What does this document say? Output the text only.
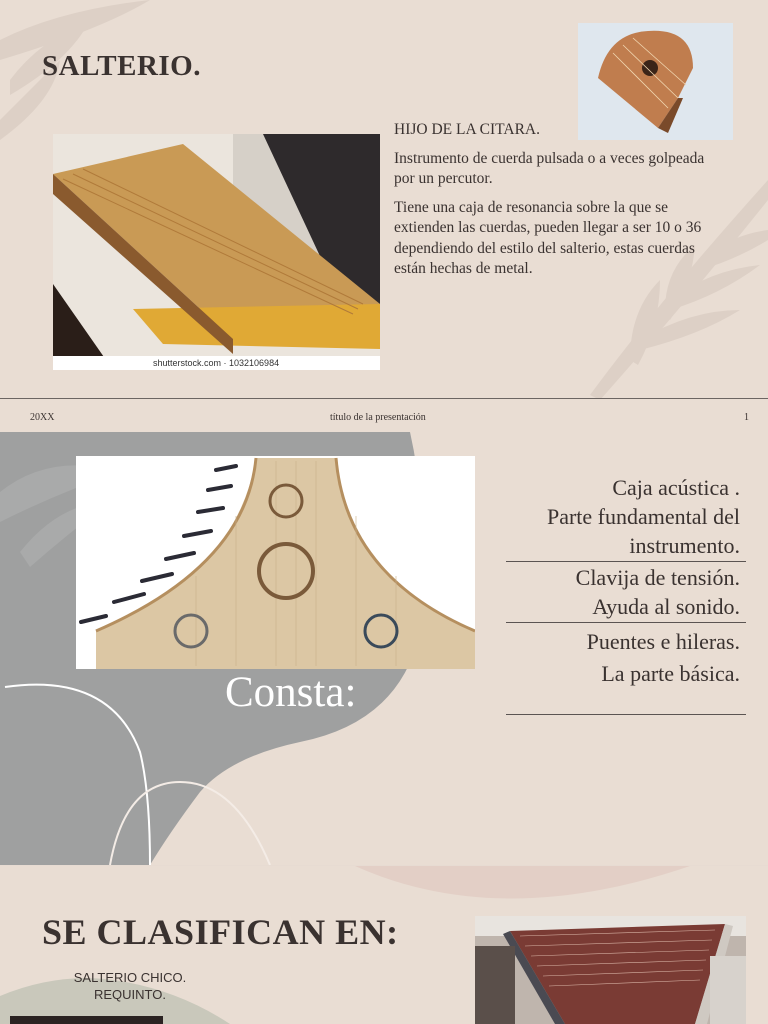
SALTERIO.
shutterstock.com · 1032106984

HIJO DE LA CITARA.

Instrumento de cuerda pulsada o a veces golpeada por un percutor.

Tiene una caja de resonancia sobre la que se extienden las cuerdas, pueden llegar a ser 10 o 36 dependiendo del estilo del salterio, estas cuerdas están hechas de metal.

20XX	título de la presentación	1
Consta:
Caja acústica .
Parte fundamental del
instrumento.
Clavija de tensión.
Ayuda al sonido.
Puentes e hileras.
La parte básica.
SE CLASIFICAN EN:
SALTERIO CHICO.
REQUINTO.
